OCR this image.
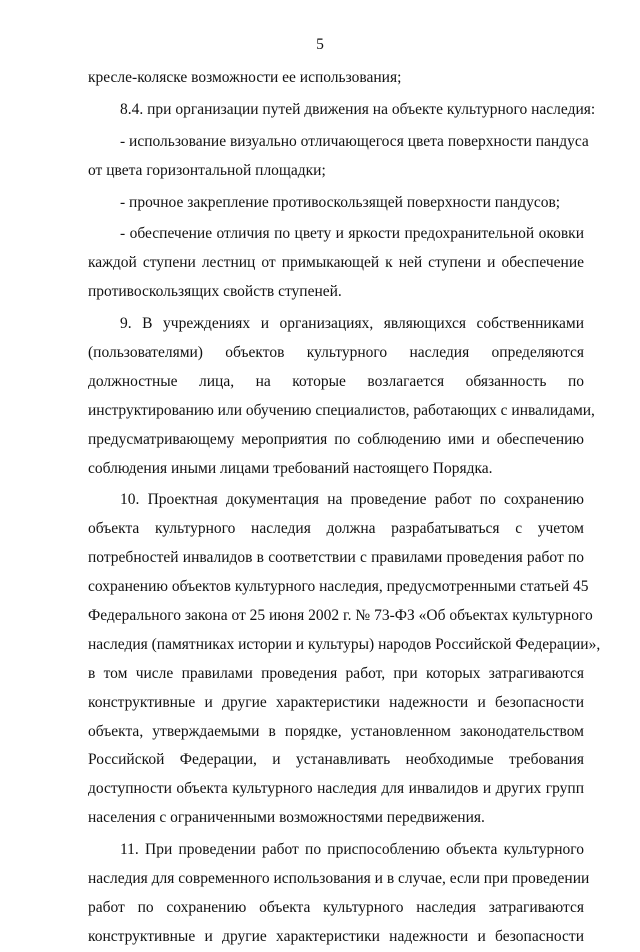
5
кресле-коляске возможности ее использования;
8.4. при организации путей движения на объекте культурного наследия:
- использование визуально отличающегося цвета поверхности пандуса
от цвета горизонтальной площадки;
- прочное закрепление противоскользящей поверхности пандусов;
- обеспечение отличия по цвету и яркости предохранительной оковки
каждой ступени лестниц от примыкающей к ней ступени и обеспечение
противоскользящих свойств ступеней.
9. В учреждениях и организациях, являющихся собственниками
(пользователями) объектов культурного наследия определяются
должностные лица, на которые возлагается обязанность по
инструктированию или обучению специалистов, работающих с инвалидами,
предусматривающему мероприятия по соблюдению ими и обеспечению
соблюдения иными лицами требований настоящего Порядка.
10. Проектная документация на проведение работ по сохранению
объекта культурного наследия должна разрабатываться с учетом
потребностей инвалидов в соответствии с правилами проведения работ по
сохранению объектов культурного наследия, предусмотренными статьей 45
Федерального закона от 25 июня 2002 г. № 73-ФЗ «Об объектах культурного
наследия (памятниках истории и культуры) народов Российской Федерации»,
в том числе правилами проведения работ, при которых затрагиваются
конструктивные и другие характеристики надежности и безопасности
объекта, утверждаемыми в порядке, установленном законодательством
Российской Федерации, и устанавливать необходимые требования
доступности объекта культурного наследия для инвалидов и других групп
населения с ограниченными возможностями передвижения.
11. При проведении работ по приспособлению объекта культурного
наследия для современного использования и в случае, если при проведении
работ по сохранению объекта культурного наследия затрагиваются
конструктивные и другие характеристики надежности и безопасности
